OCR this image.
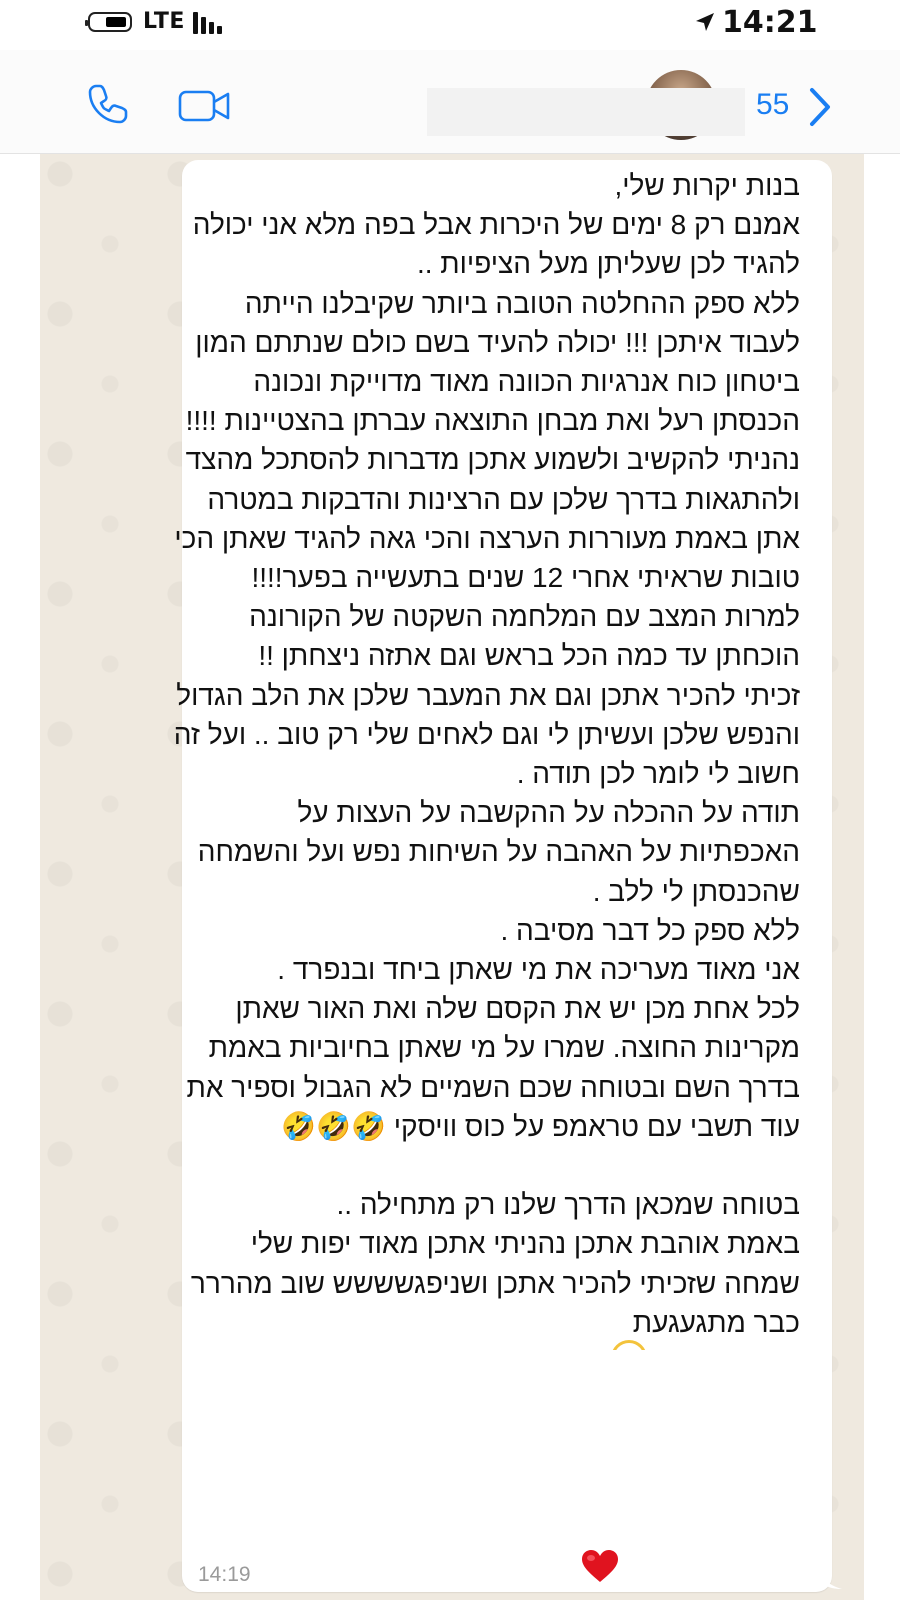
LTE	14:21
55
בנות יקרות שלי,
אמנם רק 8 ימים של היכרות אבל בפה מלא אני יכולה להגיד לכן שעליתן מעל הציפיות ..
ללא ספק ההחלטה הטובה ביותר שקיבלנו הייתה לעבוד איתכן !!! יכולה להעיד בשם כולם שנתתם המון ביטחון כוח אנרגיות הכוונה מאוד מדוייקת ונכונה הכנסתן רעל ואת מבחן התוצאה עברתן בהצטיינות !!!!
נהניתי להקשיב ולשמוע אתכן מדברות להסתכל מהצד ולהתגאות בדרך שלכן עם הרצינות והדבקות במטרה
אתן באמת מעוררות הערצה והכי גאה להגיד שאתן הכי טובות שראיתי אחרי 12 שנים בתעשייה בפער!!!!
למרות המצב עם המלחמה השקטה של הקורונה הוכחתן עד כמה הכל בראש וגם אתזה ניצחתן !!
זכיתי להכיר אתכן וגם את המעבר שלכן את הלב הגדול והנפש שלכן ועשיתן לי וגם לאחים שלי רק טוב .. ועל זה חשוב לי לומר לכן תודה .
תודה על ההכלה על ההקשבה על העצות על האכפתיות על האהבה על השיחות נפש ועל והשמחה שהכנסתן לי ללב .
ללא ספק כל דבר מסיבה .
אני מאוד מעריכה את מי שאתן ביחד ובנפרד .
לכל אחת מכן יש את הקסם שלה ואת האור שאתן מקרינות החוצה. שמרו על מי שאתן בחיוביות באמת בדרך השם ובטוחה שכם השמיים לא הגבול וספיר את עוד תשבי עם טראמפ על כוס וויסקי 🤣🤣🤣

בטוחה שמכאן הדרך שלנו רק מתחילה ..
באמת אוהבת אתכן נהניתי אתכן מאוד יפות שלי שמחה שזכיתי להכיר אתכן ושניפגשששש שוב מהררר
כבר מתגעגעת
14:19
